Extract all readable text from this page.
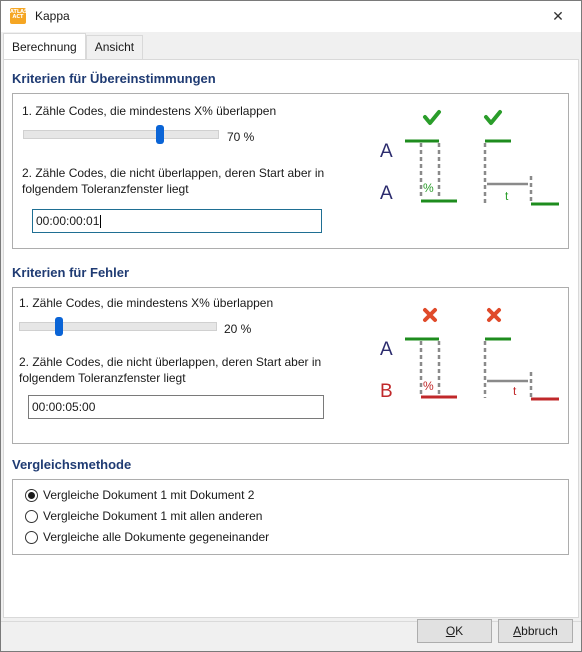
ATLAS
ACT Kappa	✕
Berechnung	Ansicht
Kriterien für Übereinstimmungen
1. Zähle Codes, die mindestens X% überlappen
70 %
2. Zähle Codes, die nicht überlappen, deren Start aber in folgendem Toleranzfenster liegt
00:00:00:01
A
A	%
t
Kriterien für Fehler
1. Zähle Codes, die mindestens X% überlappen
20 %
2. Zähle Codes, die nicht überlappen, deren Start aber in folgendem Toleranzfenster liegt
00:00:05:00
A
B	%	t
Vergleichsmethode
Vergleiche Dokument 1 mit Dokument 2
Vergleiche Dokument 1 mit allen anderen
Vergleiche alle Dokumente gegeneinander
O K	A bbruch
